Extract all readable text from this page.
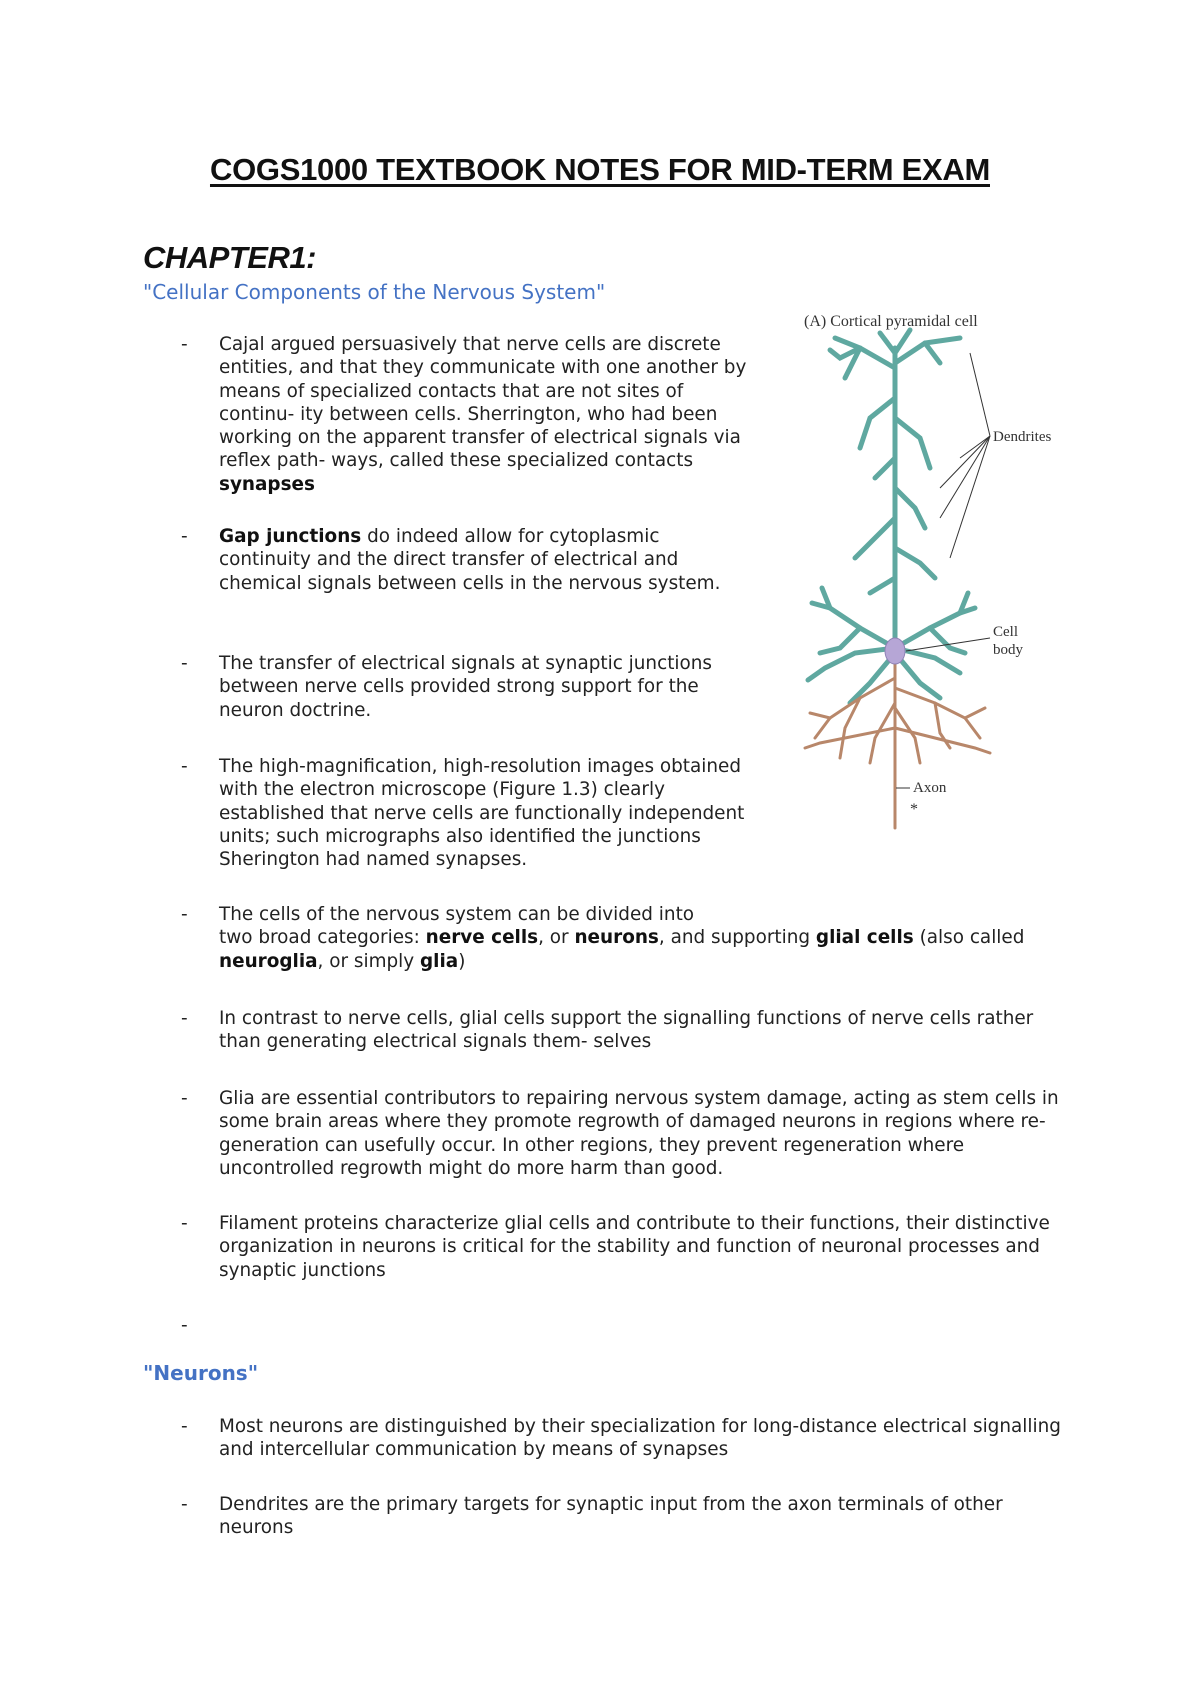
COGS1000 TEXTBOOK NOTES FOR MID-TERM EXAM
CHAPTER1:
"Cellular Components of the Nervous System"

- Cajal argued persuasively that nerve cells are discrete entities, and that they communicate with one another by means of specialized contacts that are not sites of continu- ity between cells. Sherrington, who had been working on the apparent transfer of electrical signals via reflex path- ways, called these specialized contacts synapses

- Gap junctions do indeed allow for cytoplasmic continuity and the direct transfer of electrical and chemical signals between cells in the nervous system.

- The transfer of electrical signals at synaptic junctions between nerve cells provided strong support for the neuron doctrine.

- The high-magnification, high-resolution images obtained with the electron microscope (Figure 1.3) clearly established that nerve cells are functionally independent units; such micrographs also identified the junctions Sherington had named synapses.

- The cells of the nervous system can be divided into
two broad categories: nerve cells, or neurons, and supporting glial cells (also called neuroglia, or simply glia)

- In contrast to nerve cells, glial cells support the signalling functions of nerve cells rather than generating electrical signals them- selves

- Glia are essential contributors to repairing nervous system damage, acting as stem cells in some brain areas where they promote regrowth of damaged neurons in regions where re- generation can usefully occur. In other regions, they prevent regeneration where uncontrolled regrowth might do more harm than good.

- Filament proteins characterize glial cells and contribute to their functions, their distinctive organization in neurons is critical for the stability and function of neuronal processes and synaptic junctions

-

"Neurons"

- Most neurons are distinguished by their specialization for long-distance electrical signalling and intercellular communication by means of synapses

- Dendrites are the primary targets for synaptic input from the axon terminals of other neurons

(A) Cortical pyramidal cell
Dendrites
Cell
body
Axon
*
